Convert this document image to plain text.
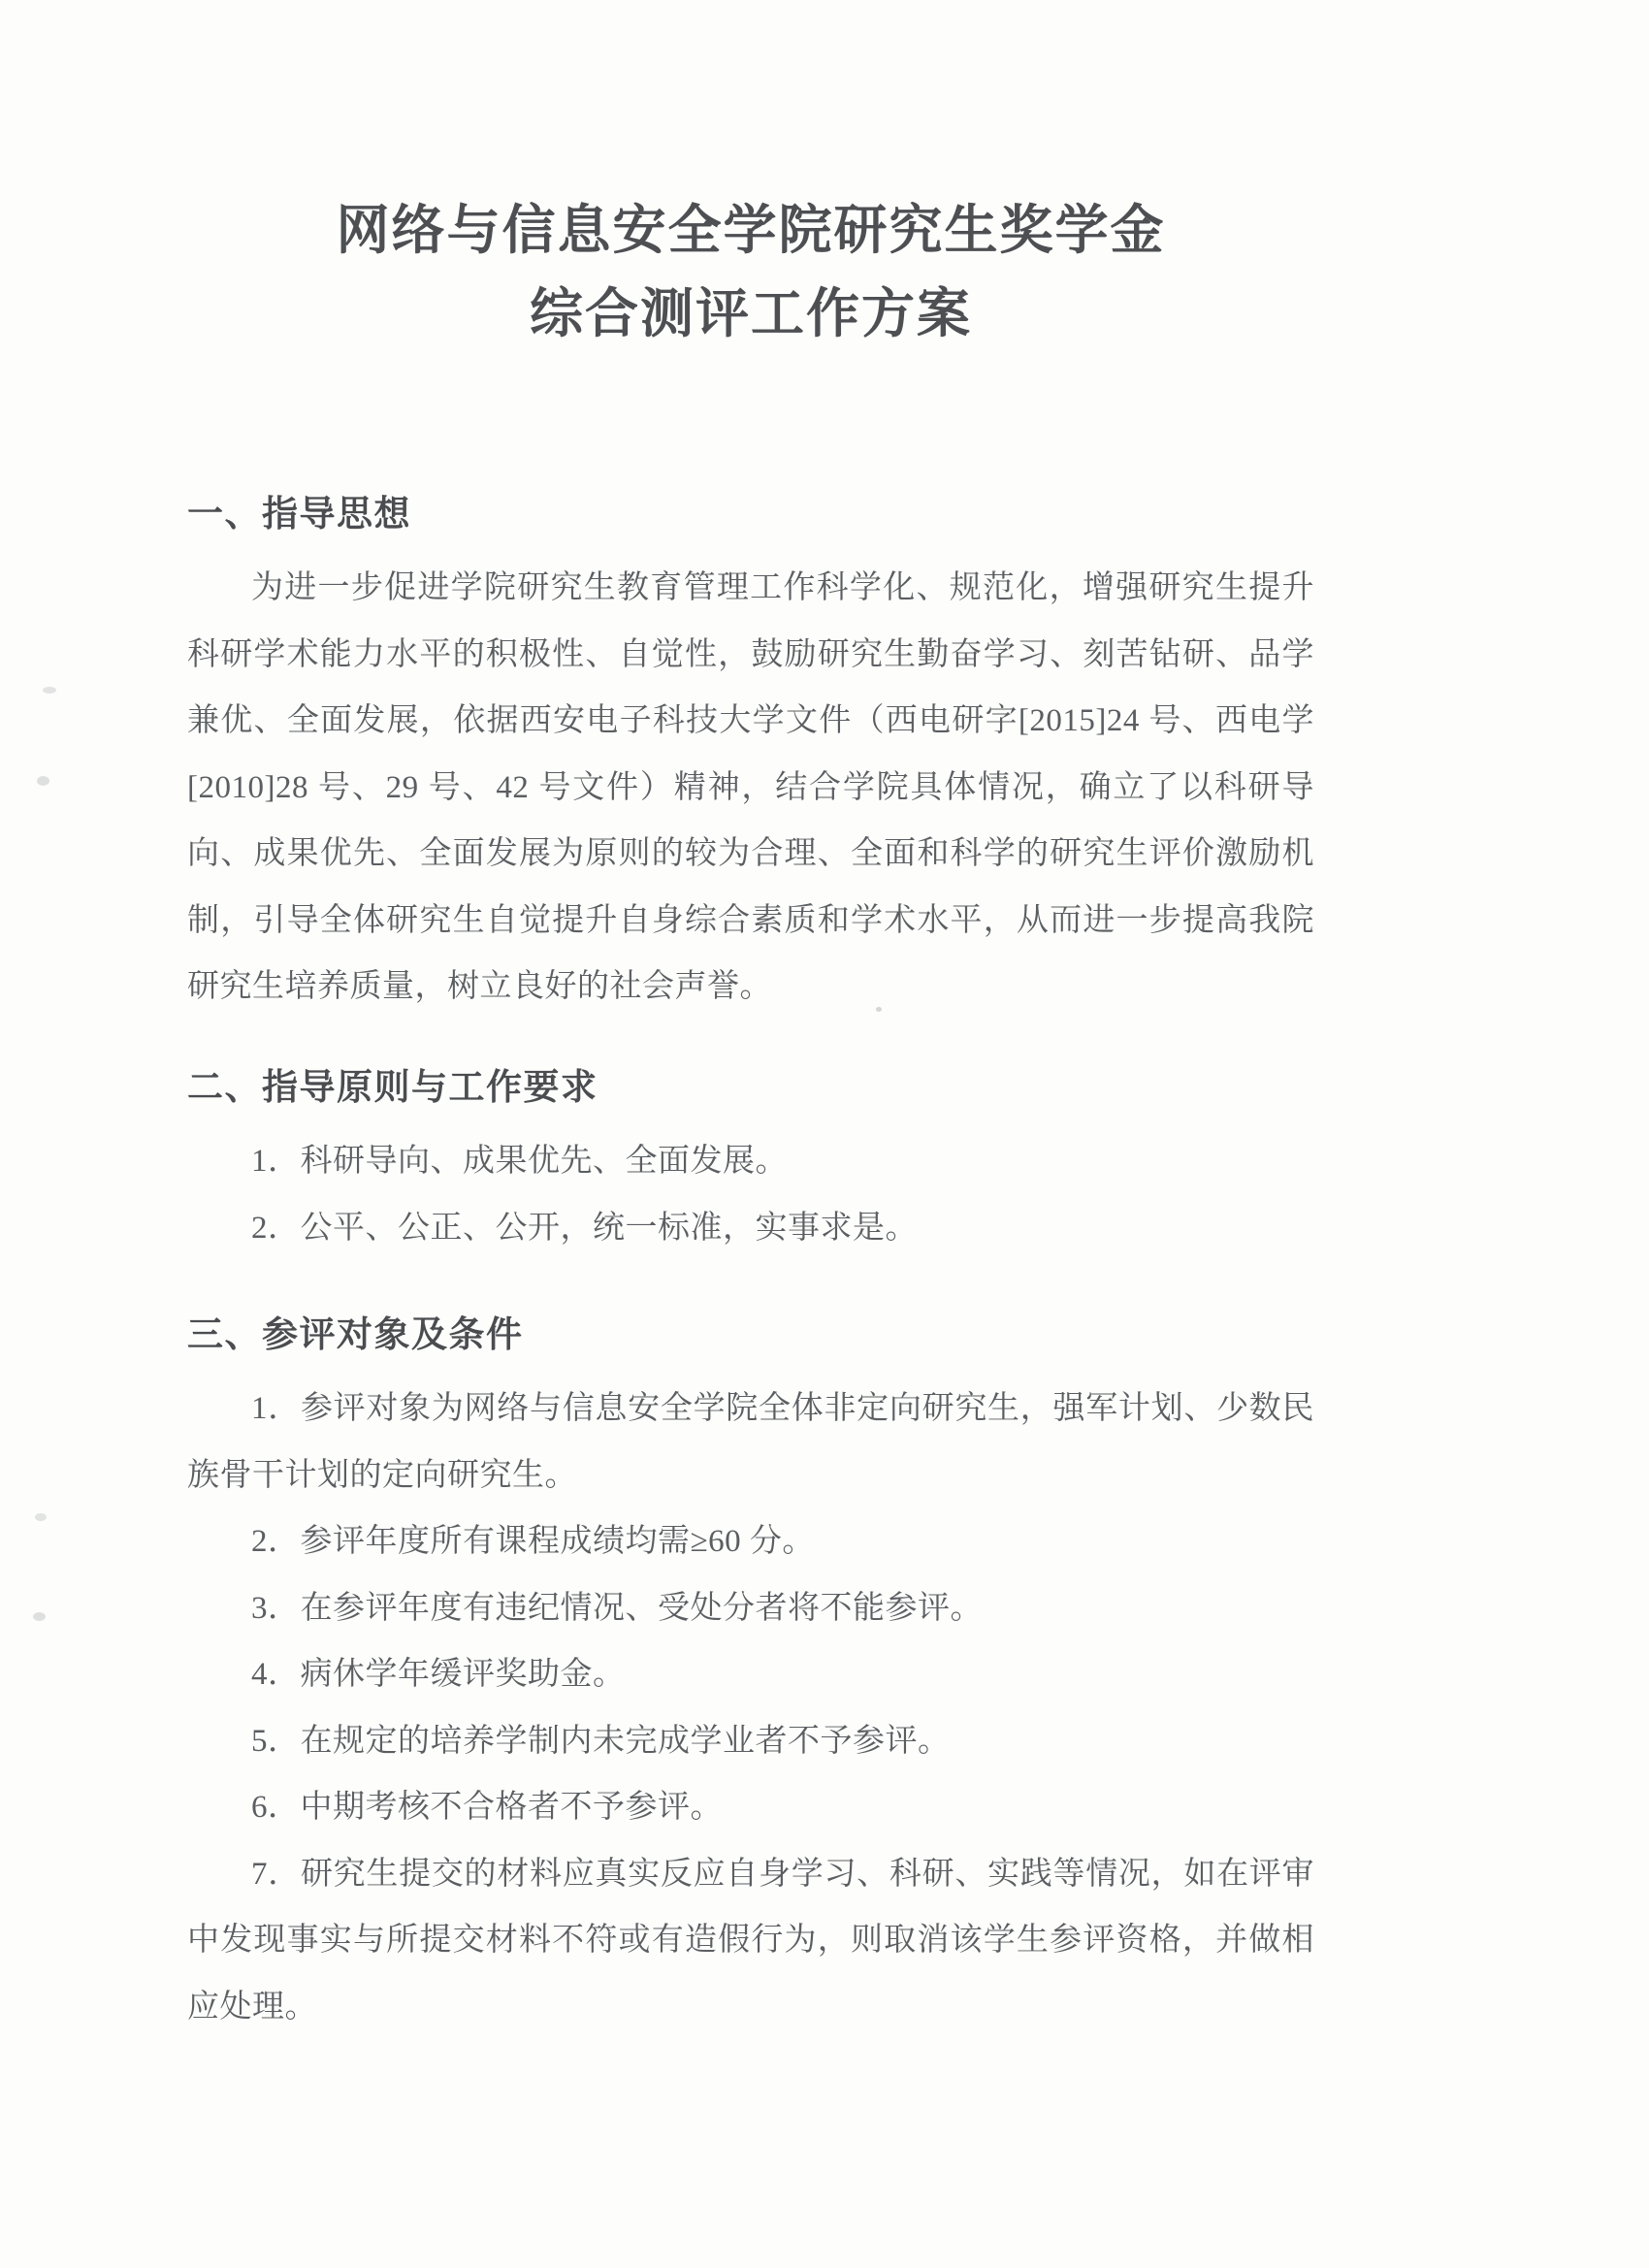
网络与信息安全学院研究生奖学金
综合测评工作方案
一、指导思想

为进一步促进学院研究生教育管理工作科学化、规范化，增强研究生提升科研学术能力水平的积极性、自觉性，鼓励研究生勤奋学习、刻苦钻研、品学兼优、全面发展，依据西安电子科技大学文件（西电研字[2015]24 号、西电学[2010]28 号、29 号、42 号文件）精神，结合学院具体情况，确立了以科研导向、成果优先、全面发展为原则的较为合理、全面和科学的研究生评价激励机制，引导全体研究生自觉提升自身综合素质和学术水平，从而进一步提高我院研究生培养质量，树立良好的社会声誉。

二、指导原则与工作要求

1．科研导向、成果优先、全面发展。

2．公平、公正、公开，统一标准，实事求是。

三、参评对象及条件

1．参评对象为网络与信息安全学院全体非定向研究生，强军计划、少数民族骨干计划的定向研究生。

2．参评年度所有课程成绩均需≥60 分。

3．在参评年度有违纪情况、受处分者将不能参评。

4．病休学年缓评奖助金。

5．在规定的培养学制内未完成学业者不予参评。

6．中期考核不合格者不予参评。

7．研究生提交的材料应真实反应自身学习、科研、实践等情况，如在评审中发现事实与所提交材料不符或有造假行为，则取消该学生参评资格，并做相应处理。
